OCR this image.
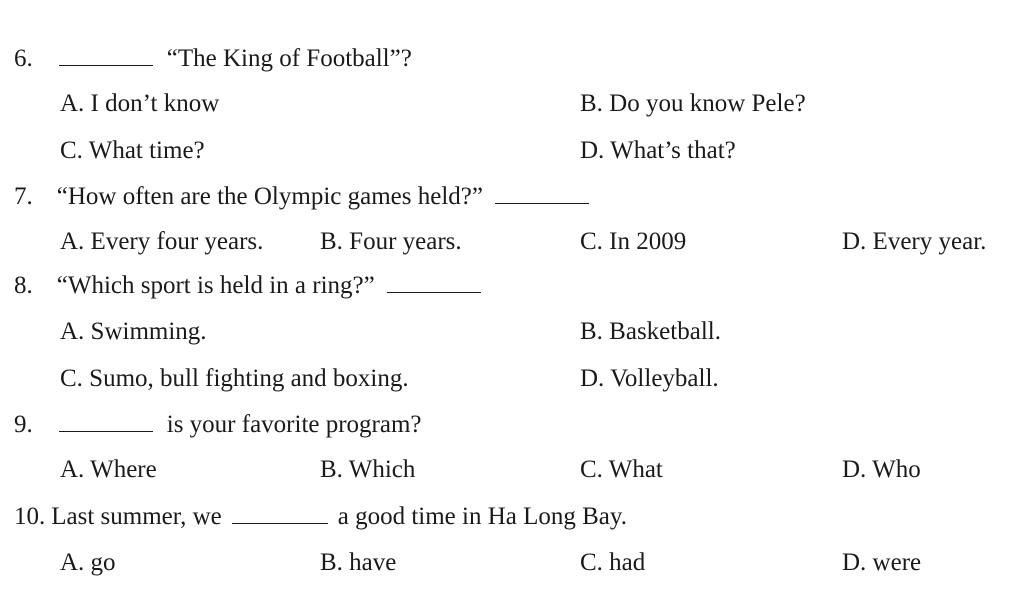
6.	“The King of Football”?
A. I don’t know	B. Do you know Pele?
C. What time?	D. What’s that?
7. “How often are the Olympic games held?”
A. Every four years. B. Four years.	C. In 2009	D. Every year.
8. “Which sport is held in a ring?”
A. Swimming.	B. Basketball.
C. Sumo, bull fighting and boxing.	D. Volleyball.
9.	is your favorite program?
A. Where	B. Which	C. What	D. Who
10. Last summer, we	a good time in Ha Long Bay.
A. go	B. have	C. had	D. were
